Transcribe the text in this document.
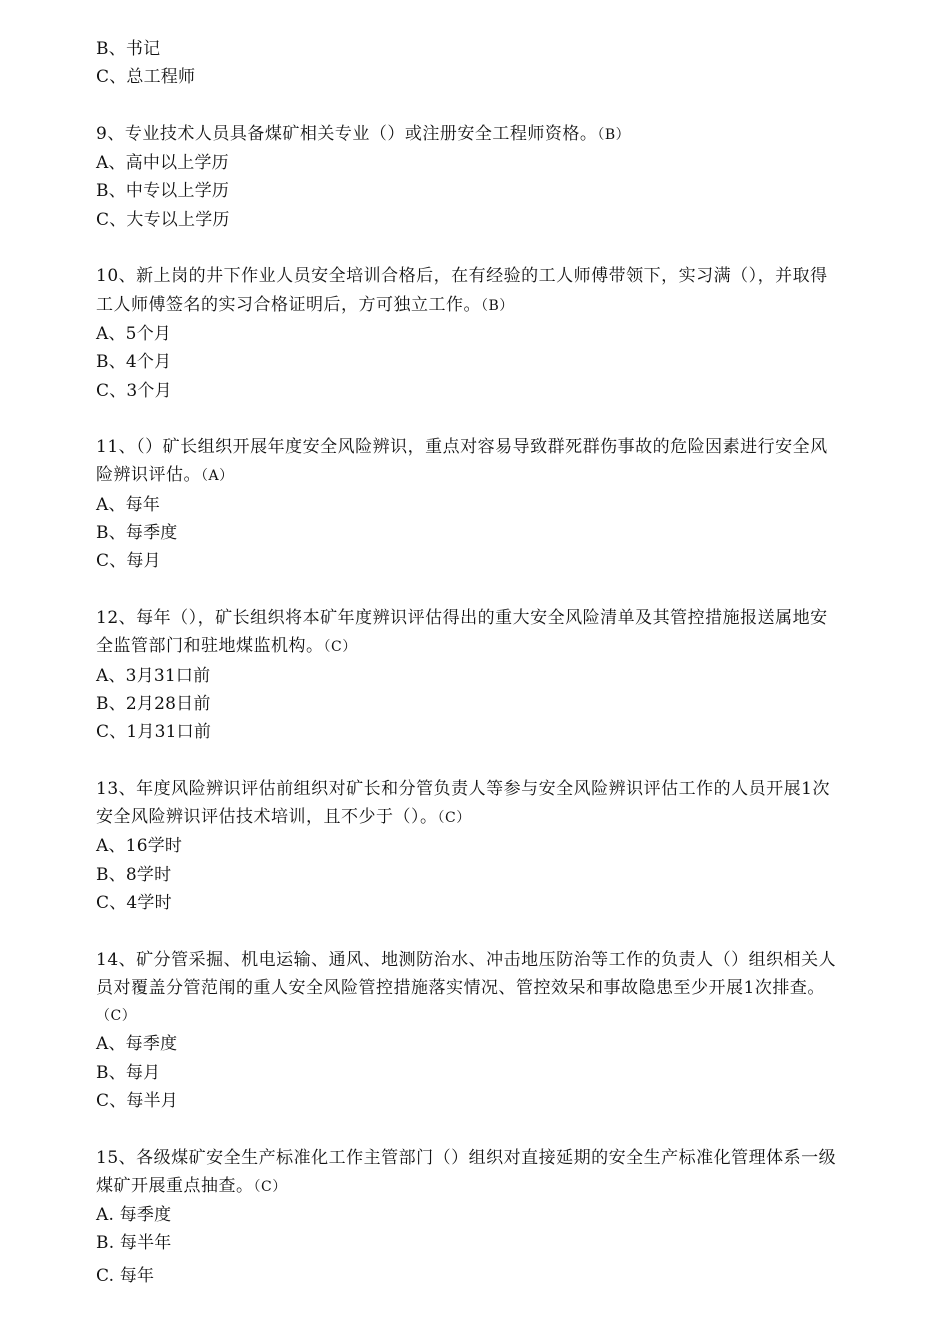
B、书记
C、总工程师
9、专业技术人员具备煤矿相关专业（）或注册安全工程师资格。（B）
A、高中以上学历
B、中专以上学历
C、大专以上学历
10、新上岗的井下作业人员安全培训合格后，在有经验的工人师傅带领下，实习满（），并取得
工人师傅签名的实习合格证明后，方可独立工作。（B）
A、5个月
B、4个月
C、3个月
11、（）矿长组织开展年度安全风险辨识，重点对容易导致群死群伤事故的危险因素进行安全风
险辨识评估。（A）
A、每年
B、每季度
C、每月
12、每年（），矿长组织将本矿年度辨识评估得出的重大安全风险清单及其管控措施报送属地安
全监管部门和驻地煤监机构。（C）
A、3月31口前
B、2月28日前
C、1月31口前
13、年度风险辨识评估前组织对矿长和分管负责人等参与安全风险辨识评估工作的人员开展1次
安全风险辨识评估技术培训，且不少于（）。（C）
A、16学时
B、8学时
C、4学时
14、矿分管采掘、机电运输、通风、地测防治水、冲击地压防治等工作的负责人（）组织相关人
员对覆盖分管范闱的重人安全风险管控措施落实情况、管控效呆和事故隐患至少开展1次排查。
（C）
A、每季度
B、每月
C、每半月
15、各级煤矿安全生产标准化工作主管部门（）组织对直接延期的安全生产标准化管理体系一级
煤矿开展重点抽查。（C）
A. 每季度
B. 每半年
C. 每年
